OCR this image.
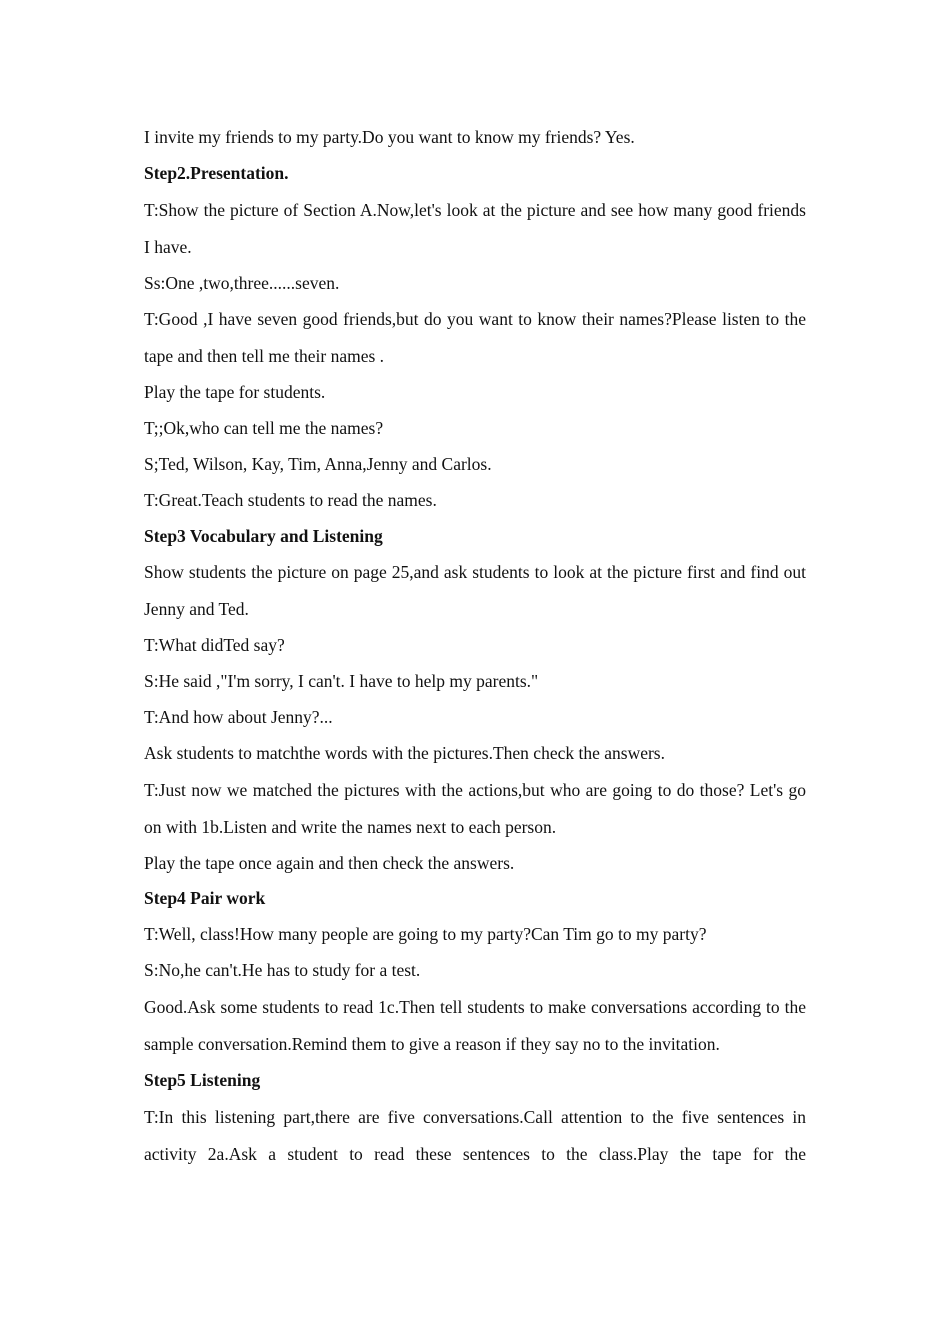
I invite my friends to my party.Do you want to know my friends? Yes.
Step2.Presentation.
T:Show the picture of Section A.Now,let's look at the picture and see how many good friends I have.
Ss:One ,two,three......seven.
T:Good ,I have seven good friends,but do you want to know their names?Please listen to the tape and then tell me their names .
Play the tape for students.
T;;Ok,who can tell me the names?
S;Ted, Wilson, Kay, Tim, Anna,Jenny and Carlos.
T:Great.Teach students to read the names.
Step3 Vocabulary and Listening
Show students the picture on page 25,and ask students to look at the picture first and find out Jenny and Ted.
T:What didTed say?
S:He said ,"I'm sorry, I can't. I have to help my parents."
T:And how about Jenny?...
Ask students to matchthe words with the pictures.Then check the answers.
T:Just now we matched the pictures with the actions,but who are going to do those? Let's go on with 1b.Listen and write the names next to each person.
Play the tape once again and then check the answers.
Step4 Pair work
T:Well, class!How many people are going to my party?Can Tim go to my party?
S:No,he can't.He has to study for a test.
Good.Ask some students to read 1c.Then tell students to make conversations according to the sample conversation.Remind them to give a reason if they say no to the invitation.
Step5 Listening
T:In this listening part,there are five conversations.Call attention to the five sentences in activity 2a.Ask a student to read these sentences to the class.Play the tape for the
